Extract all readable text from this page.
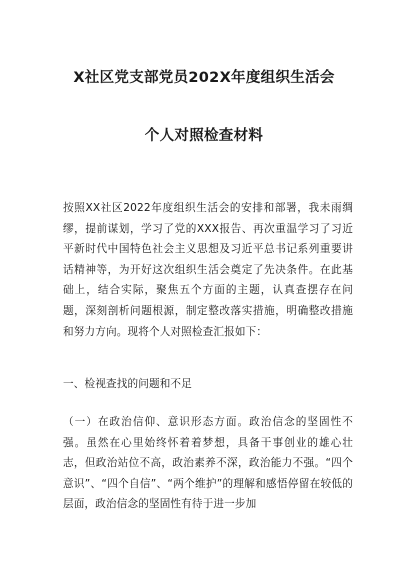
X社区党支部党员202X年度组织生活会
个人对照检查材料

按照XX社区2022年度组织生活会的安排和部署，我未雨绸缪，提前谋划，学习了党的XXX报告、再次重温学习了习近平新时代中国特色社会主义思想及习近平总书记系列重要讲话精神等，为开好这次组织生活会奠定了先决条件。在此基础上，结合实际，聚焦五个方面的主题，认真查摆存在问题，深刻剖析问题根源，制定整改落实措施，明确整改措施和努力方向。现将个人对照检查汇报如下：

一、检视查找的问题和不足

（一）在政治信仰、意识形态方面。政治信念的坚固性不强。虽然在心里始终怀着着梦想，具备干事创业的雄心壮志，但政治站位不高，政治素养不深，政治能力不强。“四个意识”、“四个自信”、“两个维护”的理解和感悟停留在较低的层面，政治信念的坚固性有待于进一步加
